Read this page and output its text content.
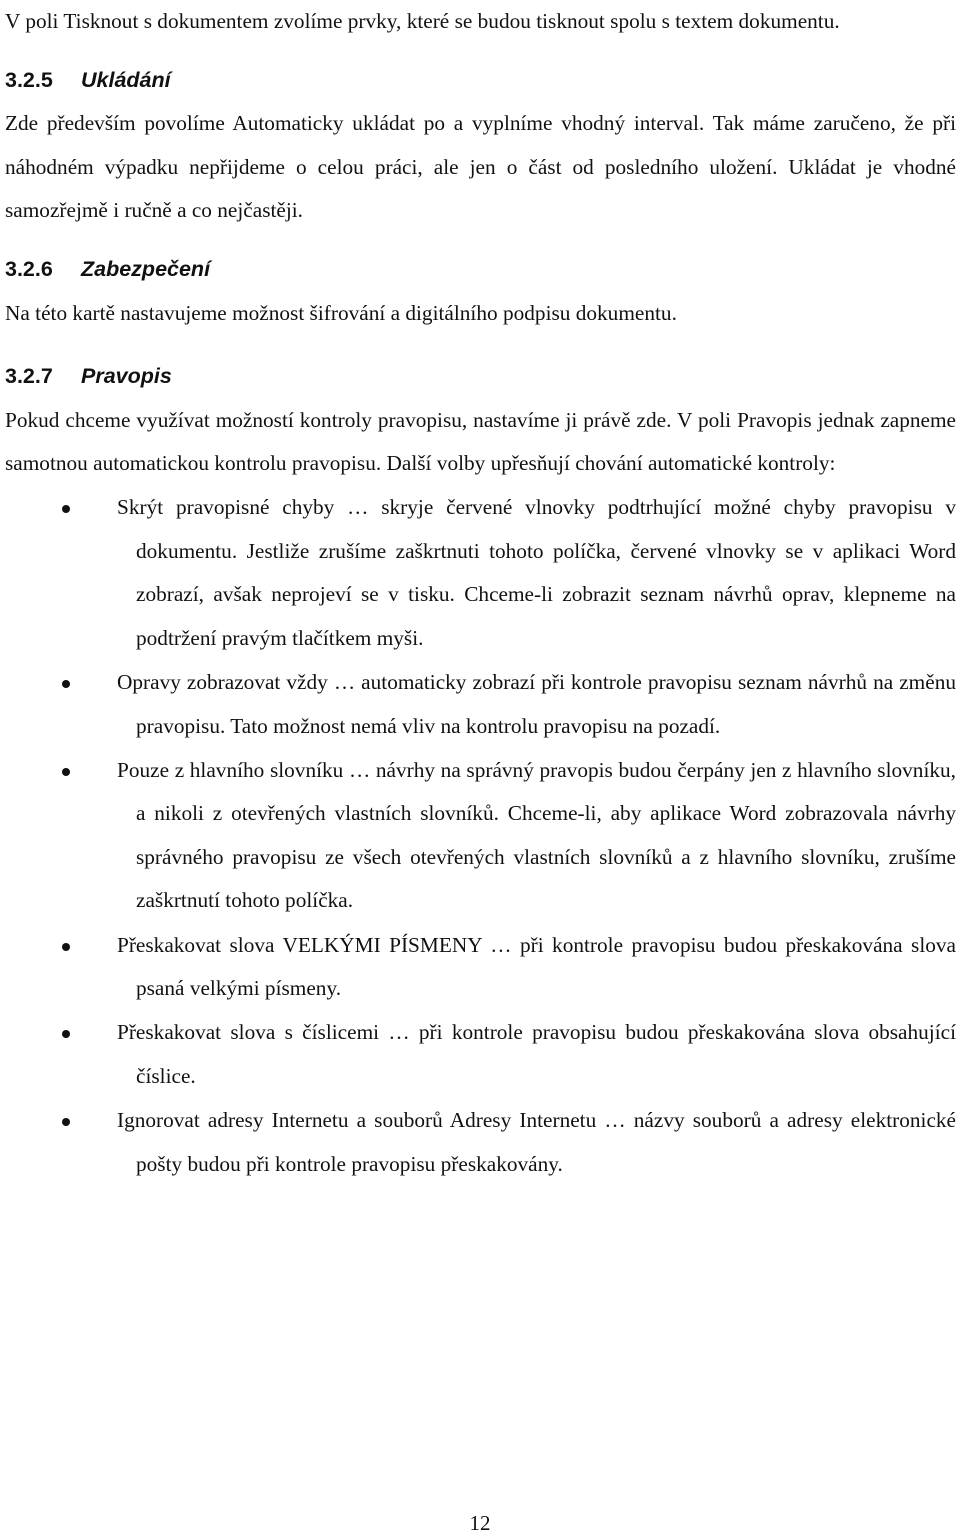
V poli Tisknout s dokumentem zvolíme prvky, které se budou tisknout spolu s textem dokumentu.

3.2.5 Ukládání

Zde především povolíme Automaticky ukládat po a vyplníme vhodný interval. Tak máme zaručeno, že při náhodném výpadku nepřijdeme o celou práci, ale jen o část od posledního uložení. Ukládat je vhodné samozřejmě i ručně a co nejčastěji.

3.2.6 Zabezpečení

Na této kartě nastavujeme možnost šifrování a digitálního podpisu dokumentu.

3.2.7 Pravopis

Pokud chceme využívat možností kontroly pravopisu, nastavíme ji právě zde. V poli Pravopis jednak zapneme samotnou automatickou kontrolu pravopisu. Další volby upřesňují chování automatické kontroly:

Skrýt pravopisné chyby … skryje červené vlnovky podtrhující možné chyby pravopisu v dokumentu. Jestliže zrušíme zaškrtnuti tohoto políčka, červené vlnovky se v aplikaci Word zobrazí, avšak neprojeví se v tisku. Chceme-li zobrazit seznam návrhů oprav, klepneme na podtržení pravým tlačítkem myši.
Opravy zobrazovat vždy … automaticky zobrazí při kontrole pravopisu seznam návrhů na změnu pravopisu. Tato možnost nemá vliv na kontrolu pravopisu na pozadí.
Pouze z hlavního slovníku … návrhy na správný pravopis budou čerpány jen z hlavního slovníku, a nikoli z otevřených vlastních slovníků. Chceme-li, aby aplikace Word zobrazovala návrhy správného pravopisu ze všech otevřených vlastních slovníků a z hlavního slovníku, zrušíme zaškrtnutí tohoto políčka.
Přeskakovat slova VELKÝMI PÍSMENY … při kontrole pravopisu budou přeskakována slova psaná velkými písmeny.
Přeskakovat slova s číslicemi … při kontrole pravopisu budou přeskakována slova obsahující číslice.
Ignorovat adresy Internetu a souborů Adresy Internetu … názvy souborů a adresy elektronické pošty budou při kontrole pravopisu přeskakovány.
12
